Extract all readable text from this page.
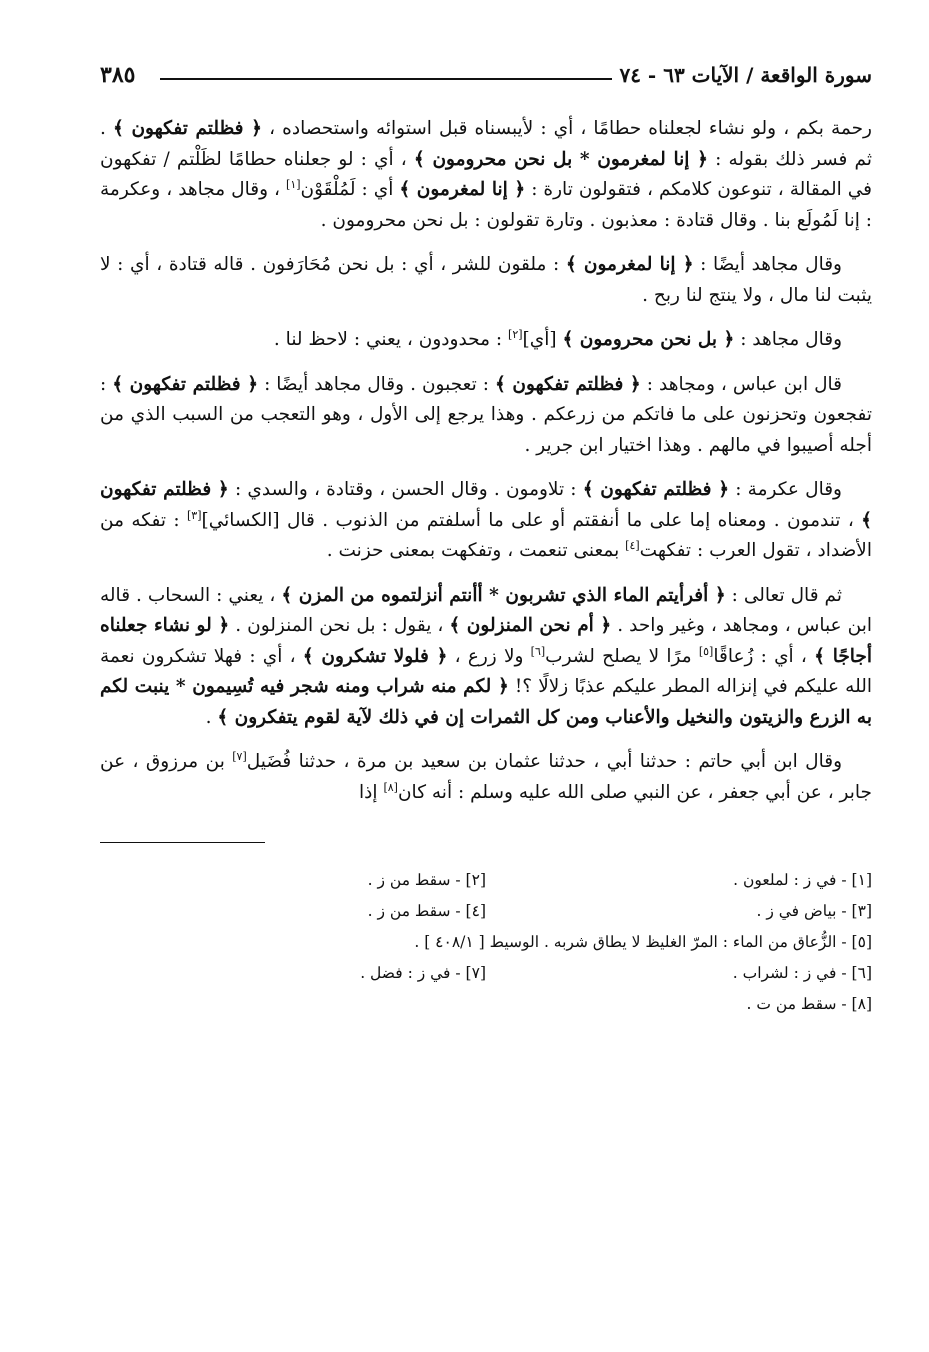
سورة الواقعة / الآيات ٦٣ - ٧٤
٣٨٥

رحمة بكم ، ولو نشاء لجعلناه حطامًا ، أي : لأيبسناه قبل استوائه واستحصاده ، ﴿ فظلتم تفكهون ﴾ . ثم فسر ذلك بقوله : ﴿ إنا لمغرمون * بل نحن محرومون ﴾ ، أي : لو جعلناه حطامًا لظَلْتم / تفكهون في المقالة ، تنوعون كلامكم ، فتقولون تارة : ﴿ إنا لمغرمون ﴾ أي : لَمُلْقَوْن[١] ، وقال مجاهد ، وعكرمة : إنا لَمُولَع بنا . وقال قتادة : معذبون . وتارة تقولون : بل نحن محرومون .

وقال مجاهد أيضًا : ﴿ إنا لمغرمون ﴾ : ملقون للشر ، أي : بل نحن مُحَارَفون . قاله قتادة ، أي : لا يثبت لنا مال ، ولا ينتج لنا ربح .

وقال مجاهد : ﴿ بل نحن محرومون ﴾ [أي][٢] : محدودون ، يعني : لاحظ لنا .

قال ابن عباس ، ومجاهد : ﴿ فظلتم تفكهون ﴾ : تعجبون . وقال مجاهد أيضًا : ﴿ فظلتم تفكهون ﴾ : تفجعون وتحزنون على ما فاتكم من زرعكم . وهذا يرجع إلى الأول ، وهو التعجب من السبب الذي من أجله أصيبوا في مالهم . وهذا اختيار ابن جرير .

وقال عكرمة : ﴿ فظلتم تفكهون ﴾ : تلاومون . وقال الحسن ، وقتادة ، والسدي : ﴿ فظلتم تفكهون ﴾ ، تندمون . ومعناه إما على ما أنفقتم أو على ما أسلفتم من الذنوب . قال [الكسائي][٣] : تفكه من الأضداد ، تقول العرب : تفكهت[٤] بمعنى تنعمت ، وتفكهت بمعنى حزنت .

ثم قال تعالى : ﴿ أفرأيتم الماء الذي تشربون * أأنتم أنزلتموه من المزن ﴾ ، يعني : السحاب . قاله ابن عباس ، ومجاهد ، وغير واحد . ﴿ أم نحن المنزلون ﴾ ، يقول : بل نحن المنزلون . ﴿ لو نشاء جعلناه أجاجًا ﴾ ، أي : زُعاقًا[٥] مرًا لا يصلح لشرب[٦] ولا زرع ، ﴿ فلولا تشكرون ﴾ ، أي : فهلا تشكرون نعمة الله عليكم في إنزاله المطر عليكم عذبًا زلالًا ؟! ﴿ لكم منه شراب ومنه شجر فيه تُسِيمون * ينبت لكم به الزرع والزيتون والنخيل والأعناب ومن كل الثمرات إن في ذلك لآية لقوم يتفكرون ﴾ .

وقال ابن أبي حاتم : حدثنا أبي ، حدثنا عثمان بن سعيد بن مرة ، حدثنا فُضَيل[٧] بن مرزوق ، عن جابر ، عن أبي جعفر ، عن النبي صلى الله عليه وسلم : أنه كان[٨] إذا

[١] - في ز : لملعون .
[٢] - سقط من ز .
[٣] - بياض في ز .
[٤] - سقط من ز .
[٥] - الزُّعاق من الماء : المرّ الغليظ لا يطاق شربه . الوسيط [ ٤٠٨/١ ] .
[٦] - في ز : لشراب .
[٧] - في ز : فضل .
[٨] - سقط من ت .
